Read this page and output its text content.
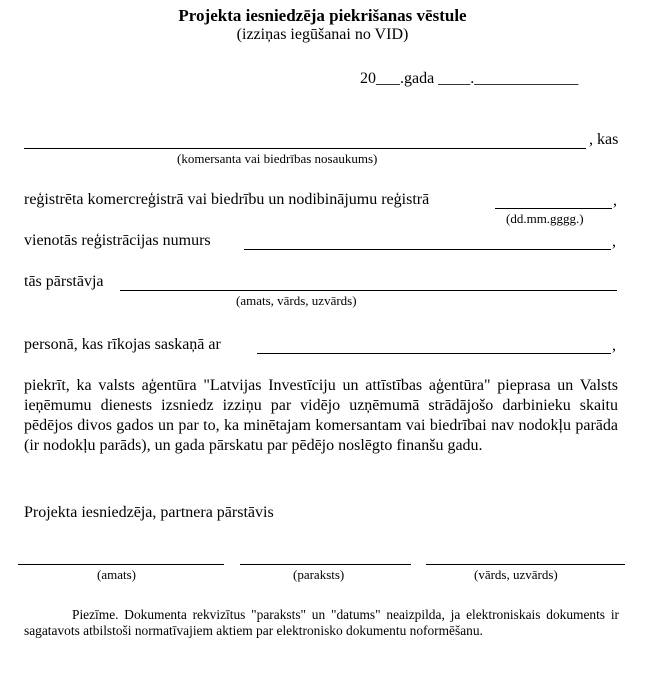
Projekta iesniedzēja piekrišanas vēstule
(izziņas iegūšanai no VID)
20___.gada ____._____________
, kas
(komersanta vai biedrības nosaukums)
reģistrēta komercreģistrā vai biedrību un nodibinājumu reģistrā	,
(dd.mm.gggg.)
vienotās reģistrācijas numurs	,
tās pārstāvja
(amats, vārds, uzvārds)
personā, kas rīkojas saskaņā ar	,
piekrīt, ka valsts aģentūra "Latvijas Investīciju un attīstības aģentūra" pieprasa un Valsts ieņēmumu dienests izsniedz izziņu par vidējo uzņēmumā strādājošo darbinieku skaitu pēdējos divos gados un par to, ka minētajam komersantam vai biedrībai nav nodokļu parāda (ir nodokļu parāds), un gada pārskatu par pēdējo noslēgto finanšu gadu.
Projekta iesniedzēja, partnera pārstāvis
(amats)	(paraksts)	(vārds, uzvārds)
Piezīme. Dokumenta rekvizītus "paraksts" un "datums" neaizpilda, ja elektroniskais dokuments ir sagatavots atbilstoši normatīvajiem aktiem par elektronisko dokumentu noformēšanu.
